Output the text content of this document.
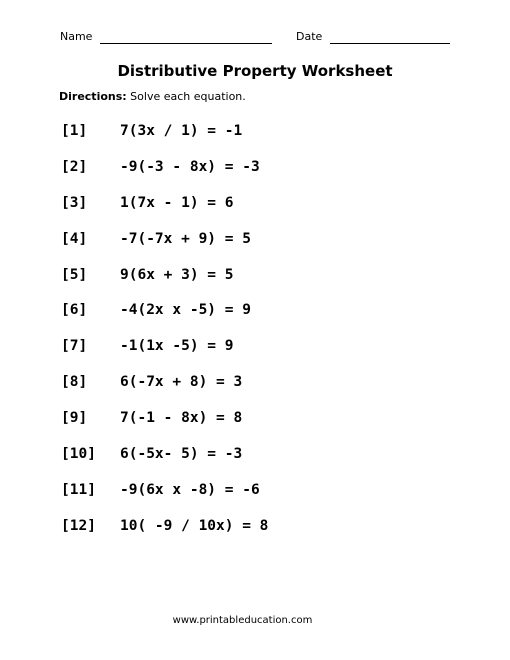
Name	Date
Distributive Property Worksheet
Directions: Solve each equation.
[1]	7(3x / 1) = -1
[2]	-9(-3 - 8x) = -3
[3]	1(7x - 1) = 6
[4]	-7(-7x + 9) = 5
[5]	9(6x + 3) = 5
[6]	-4(2x x -5) = 9
[7]	-1(1x -5) = 9
[8]	6(-7x + 8) = 3
[9]	7(-1 - 8x) = 8
[10]	6(-5x- 5) = -3
[11]	-9(6x x -8) = -6
[12]	10( -9 / 10x) = 8
www.printableducation.com
